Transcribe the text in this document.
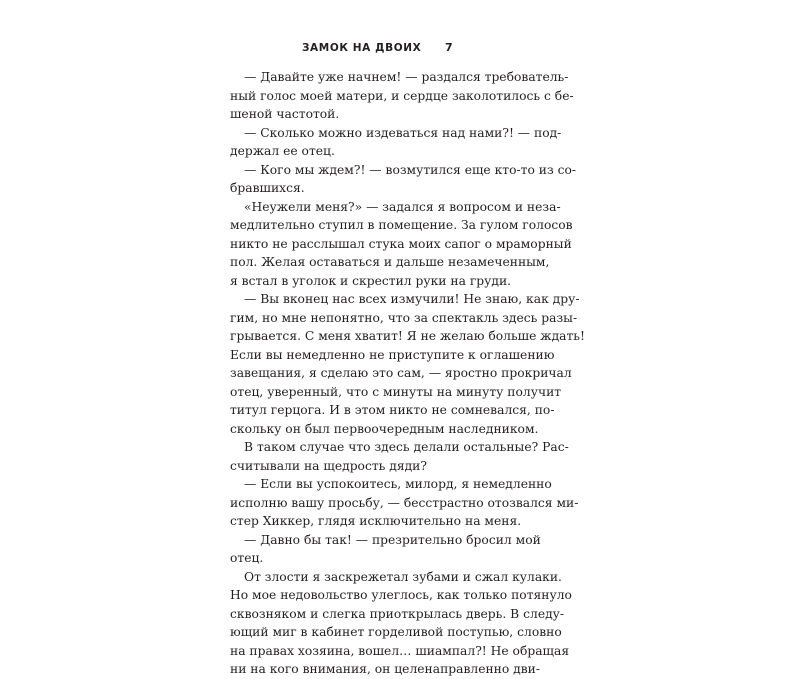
ЗАМОК НА ДВОИХ 7
— Давайте уже начнем! — раздался требователь-
ный голос моей матери, и сердце заколотилось с бе-
шеной частотой.
— Сколько можно издеваться над нами?! — под-
держал ее отец.
— Кого мы ждем?! — возмутился еще кто-то из со-
бравшихся.
«Неужели меня?» — задался я вопросом и неза-
медлительно ступил в помещение. За гулом голосов
никто не расслышал стука моих сапог о мраморный
пол. Желая оставаться и дальше незамеченным,
я встал в уголок и скрестил руки на груди.
— Вы вконец нас всех измучили! Не знаю, как дру-
гим, но мне непонятно, что за спектакль здесь разы-
грывается. С меня хватит! Я не желаю больше ждать!
Если вы немедленно не приступите к оглашению
завещания, я сделаю это сам, — яростно прокричал
отец, уверенный, что с минуты на минуту получит
титул герцога. И в этом никто не сомневался, по-
скольку он был первоочередным наследником.
В таком случае что здесь делали остальные? Рас-
считывали на щедрость дяди?
— Если вы успокоитесь, милорд, я немедленно
исполню вашу просьбу, — бесстрастно отозвался ми-
стер Хиккер, глядя исключительно на меня.
— Давно бы так! — презрительно бросил мой
отец.
От злости я заскрежетал зубами и сжал кулаки.
Но мое недовольство улеглось, как только потянуло
сквозняком и слегка приоткрылась дверь. В следу-
ющий миг в кабинет горделивой поступью, словно
на правах хозяина, вошел… шиампал?! Не обращая
ни на кого внимания, он целенаправленно дви-
